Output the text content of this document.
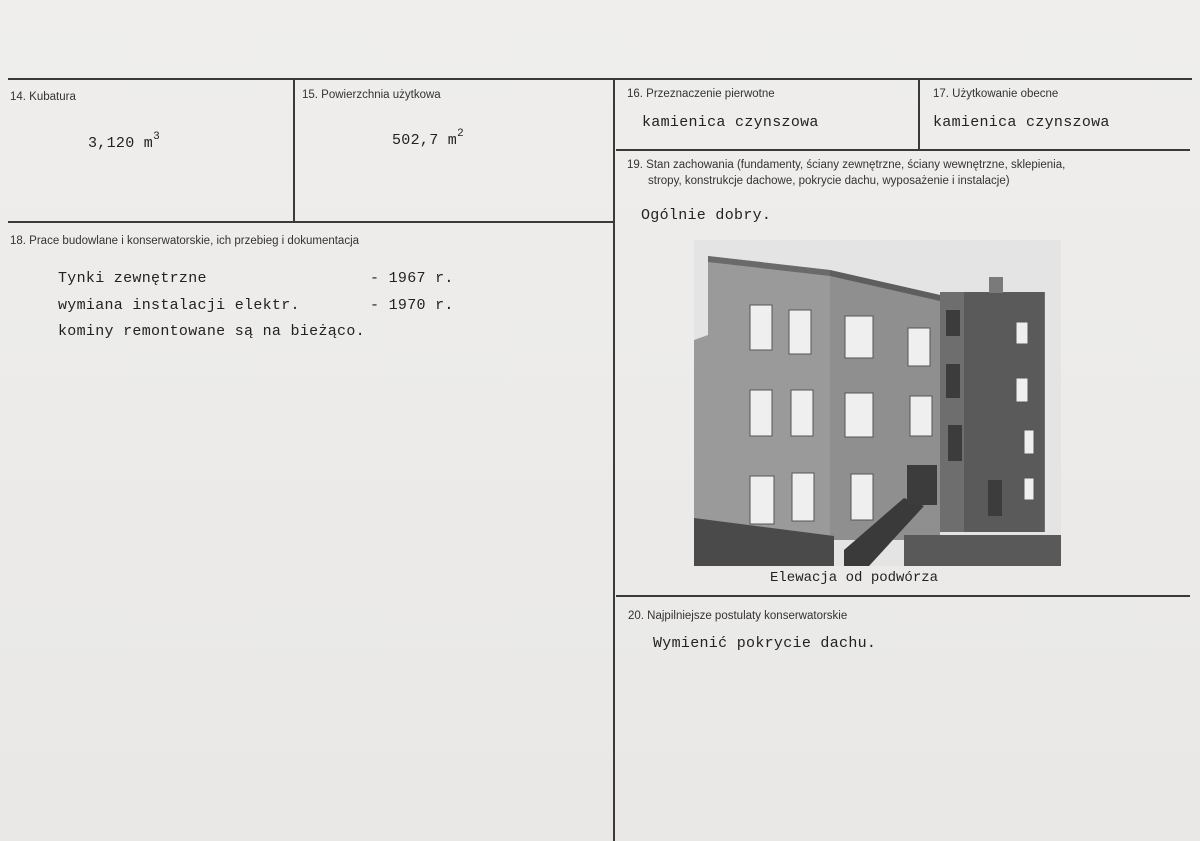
14. Kubatura
3,120 $m^3$
15. Powierzchnia użytkowa
502,7 $m^2$
16. Przeznaczenie pierwotne
kamienica czynszowa
17. Użytkowanie obecne
kamienica czynszowa
18. Prace budowlane i konserwatorskie, ich przebieg i dokumentacja
Tynki zewnętrzne	- 1967 r.
wymiana instalacji elektr.	- 1970 r.
kominy remontowane są na bieżąco.
19. Stan zachowania (fundamenty, ściany zewnętrzne, ściany wewnętrzne, sklepienia,
stropy, konstrukcje dachowe, pokrycie dachu, wyposażenie i instalacje)
Ogólnie dobry.
Elewacja od podwórza
20. Najpilniejsze postulaty konserwatorskie
Wymienić pokrycie dachu.
